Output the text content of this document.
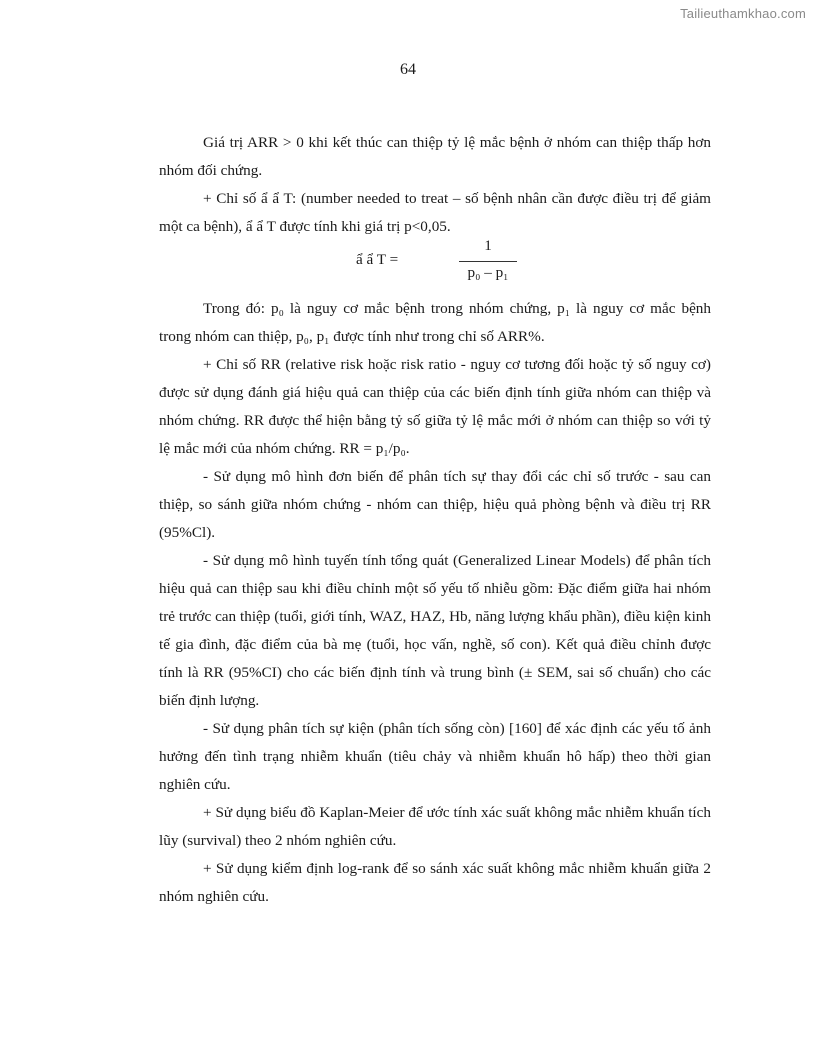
Tailieuthamkhao.com
64

Giá trị ARR > 0 khi kết thúc can thiệp tỷ lệ mắc bệnh ở nhóm can thiệp thấp hơn nhóm đối chứng.

+ Chỉ số ẩ ẩ T: (number needed to treat – số bệnh nhân cần được điều trị để giảm một ca bệnh), ẩ ẩ T được tính khi giá trị p<0,05.

ẩ ẩ T =
1
p₀ – p₁

Trong đó: p₀ là nguy cơ mắc bệnh trong nhóm chứng, p₁ là nguy cơ mắc bệnh trong nhóm can thiệp, p₀, p₁ được tính như trong chỉ số ARR%.

+ Chỉ số RR (relative risk hoặc risk ratio - nguy cơ tương đối hoặc tỷ số nguy cơ) được sử dụng đánh giá hiệu quả can thiệp của các biến định tính giữa nhóm can thiệp và nhóm chứng. RR được thể hiện bằng tỷ số giữa tỷ lệ mắc mới ở nhóm can thiệp so với tỷ lệ mắc mới của nhóm chứng. RR = p₁/p₀.

- Sử dụng mô hình đơn biến để phân tích sự thay đổi các chỉ số trước - sau can thiệp, so sánh giữa nhóm chứng - nhóm can thiệp, hiệu quả phòng bệnh và điều trị RR (95%Cl).

- Sử dụng mô hình tuyến tính tổng quát (Generalized Linear Models) để phân tích hiệu quả can thiệp sau khi điều chỉnh một số yếu tố nhiễu gồm: Đặc điểm giữa hai nhóm trẻ trước can thiệp (tuổi, giới tính, WAZ, HAZ, Hb, năng lượng khẩu phần), điều kiện kinh tế gia đình, đặc điểm của bà mẹ (tuổi, học vấn, nghề, số con). Kết quả điều chỉnh được tính là RR (95%CI) cho các biến định tính và trung bình (± SEM, sai số chuẩn) cho các biến định lượng.

- Sử dụng phân tích sự kiện (phân tích sống còn) [160] để xác định các yếu tố ảnh hưởng đến tình trạng nhiễm khuẩn (tiêu chảy và nhiễm khuẩn hô hấp) theo thời gian nghiên cứu.

+ Sử dụng biểu đồ Kaplan-Meier để ước tính xác suất không mắc nhiễm khuẩn tích lũy (survival) theo 2 nhóm nghiên cứu.

+ Sử dụng kiểm định log-rank để so sánh xác suất không mắc nhiễm khuẩn giữa 2 nhóm nghiên cứu.
